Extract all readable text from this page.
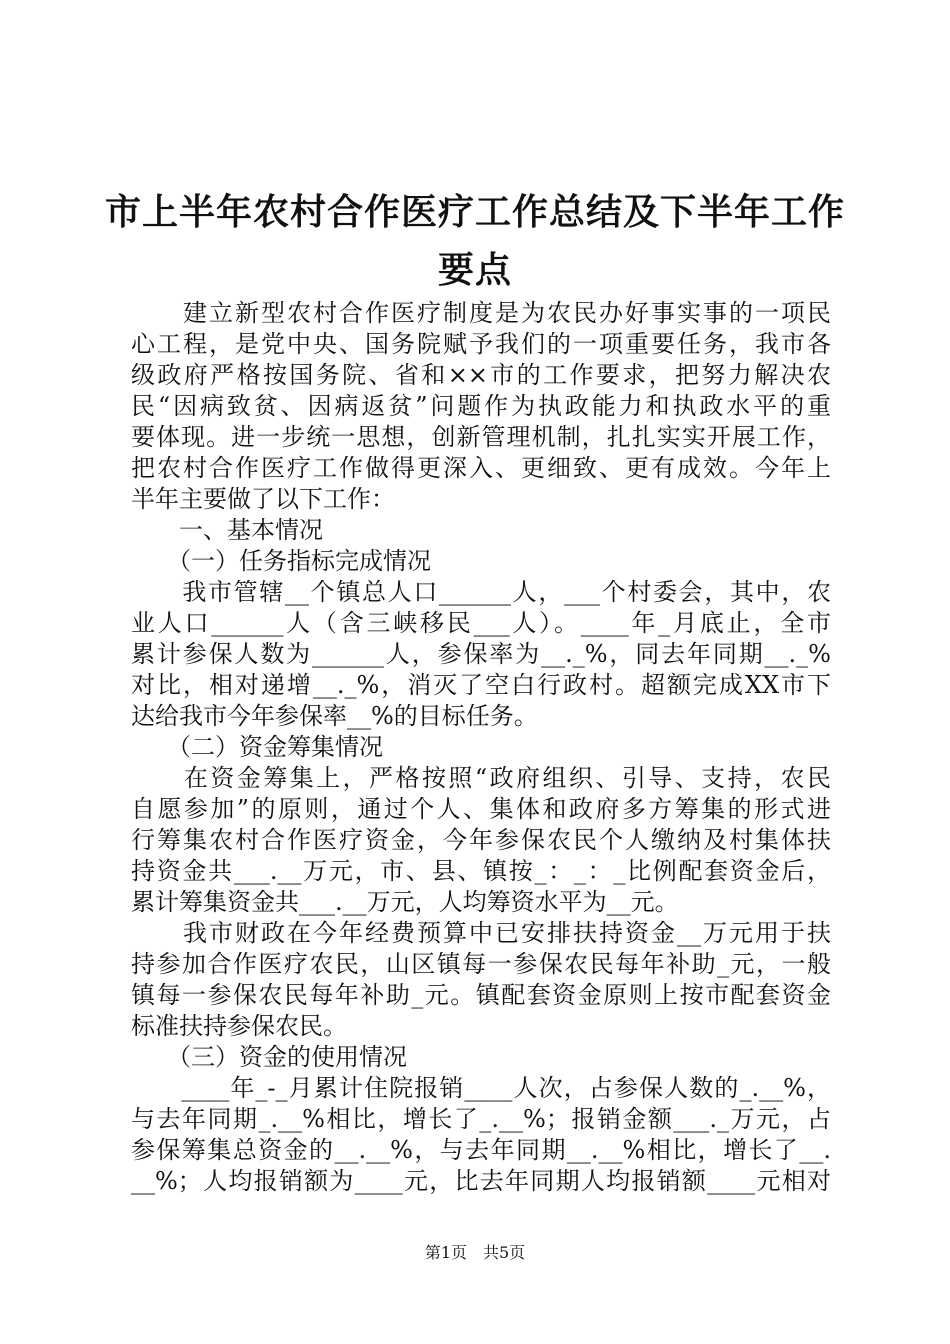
市上半年农村合作医疗工作总结及下半年工作
要点
　　建立新型农村合作医疗制度是为农民办好事实事的一项民
心工程，是党中央、国务院赋予我们的一项重要任务，我市各
级政府严格按国务院、省和××市的工作要求，把努力解决农
民“因病致贫、因病返贫”问题作为执政能力和执政水平的重
要体现。进一步统一思想，创新管理机制，扎扎实实开展工作，
把农村合作医疗工作做得更深入、更细致、更有成效。今年上
半年主要做了以下工作：
　　一、基本情况
　　（一）任务指标完成情况
　　我市管辖__个镇总人口______人，___个村委会，其中，农
业人口______人（含三峡移民___人）。____年_月底止，全市
累计参保人数为______人，参保率为__._%，同去年同期__._%
对比，相对递增__._%，消灭了空白行政村。超额完成XX市下
达给我市今年参保率__%的目标任务。
　　（二）资金筹集情况
　　在资金筹集上，严格按照“政府组织、引导、支持，农民
自愿参加”的原则，通过个人、集体和政府多方筹集的形式进
行筹集农村合作医疗资金，今年参保农民个人缴纳及村集体扶
持资金共___.__万元，市、县、镇按_：_：_比例配套资金后，
累计筹集资金共___.__万元，人均筹资水平为__元。
　　我市财政在今年经费预算中已安排扶持资金__万元用于扶
持参加合作医疗农民，山区镇每一参保农民每年补助_元，一般
镇每一参保农民每年补助_元。镇配套资金原则上按市配套资金
标准扶持参保农民。
　　（三）资金的使用情况
　　____年_-_月累计住院报销____人次，占参保人数的_.__%，
与去年同期_.__%相比，增长了_.__%；报销金额___._万元，占
参保筹集总资金的__.__%，与去年同期__.__%相比，增长了__.
__%；人均报销额为____元，比去年同期人均报销额____元相对
第1页　共5页
